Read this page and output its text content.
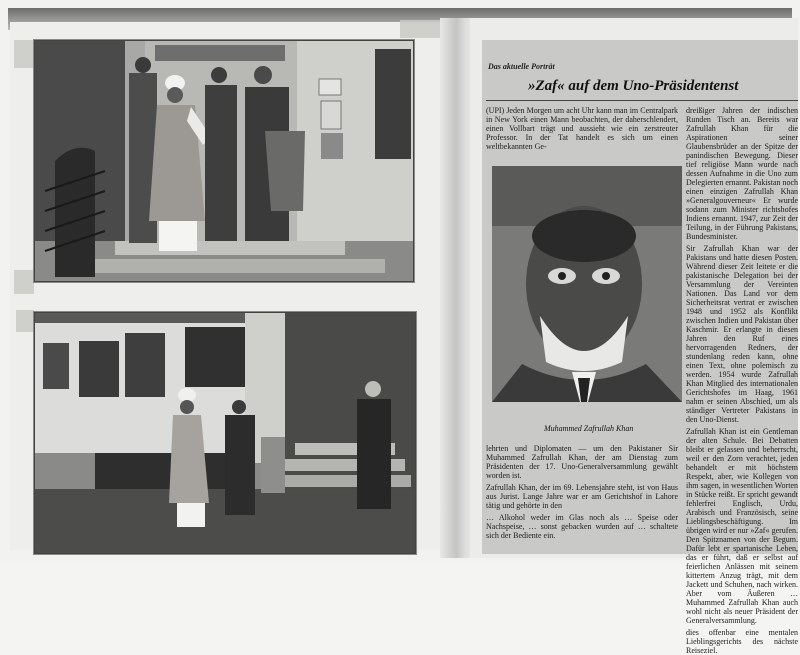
Das aktuelle Porträt
»Zaf« auf dem Uno-Präsidentenst

(UPI) Jeden Morgen um acht Uhr kann man im Centralpark in New York einen Mann beobachten, der daherschlendert, einen Vollbart trägt und aussieht wie ein zerstreuter Professor. In der Tat handelt es sich um einen weltbekannten Ge-

Muhammed Zafrullah Khan

lehrten und Diplomaten — um den Pakistaner Sir Muhammed Zafrullah Khan, der am Dienstag zum Präsidenten der 17. Uno-Generalversammlung gewählt worden ist.

Zafrullah Khan, der im 69. Lebensjahre steht, ist von Haus aus Jurist. Lange Jahre war er am Gerichtshof in Lahore tätig und gehörte in den

… Alkohol weder im Glas noch als … Speise oder Nachspeise, … sonst gebacken wurden auf … schaltete sich der Bediente ein.

dreißiger Jahren der indischen Runden Tisch an. Bereits war Zafrullah Khan für die Aspirationen seiner Glaubensbrüder an der Spitze der panindischen Bewegung. Dieser tief religiöse Mann wurde nach dessen Aufnahme in die Uno zum Delegierten ernannt. Pakistan noch einen einzigen Zafrullah Khan »Generalgouverneur« Er wurde sodann zum Minister richtshofes Indiens ernannt. 1947, zur Zeit der Teilung, in der Führung Pakistans, Bundesminister.

Sir Zafrullah Khan war der Pakistans und hatte diesen Posten. Während dieser Zeit leitete er die pakistanische Delegation bei der Versammlung der Vereinten Nationen. Das Land vor dem Sicherheitsrat vertrat er zwischen 1948 und 1952 als Konflikt zwischen Indien und Pakistan über Kaschmir. Er erlangte in diesen Jahren den Ruf eines hervorragenden Redners, der stundenlang reden kann, ohne einen Text, ohne polemisch zu werden. 1954 wurde Zafrullah Khan Mitglied des internationalen Gerichtshofes im Haag, 1961 nahm er seinen Abschied, um als ständiger Vertreter Pakistans in den Uno-Dienst.

Zafrullah Khan ist ein Gentleman der alten Schule. Bei Debatten bleibt er gelassen und beherrscht, weil er den Zorn verachtet, jeden behandelt er mit höchstem Respekt, aber, wie Kollegen von ihm sagen, in wesentlichen Worten in Stücke reißt. Er spricht gewandt fehlerfrei Englisch, Urdu, Arabisch und Französisch, seine Lieblingsbeschäftigung. Im übrigen wird er nur »Zaf« gerufen. Den Spitznamen von der Begum. Dafür lebt er spartanische Leben, das er führt, daß er selbst auf feierlichen Anlässen mit seinem kittertem Anzug trägt, mit dem Jackett und Schuhen, nach wirken. Aber vom Äußeren … Muhammed Zafrullah Khan auch wohl nicht als neuer Präsident der Generalversammlung.

dies offenbar eine mentalen Lieblingsgerichts des nächste Reiseziel.
